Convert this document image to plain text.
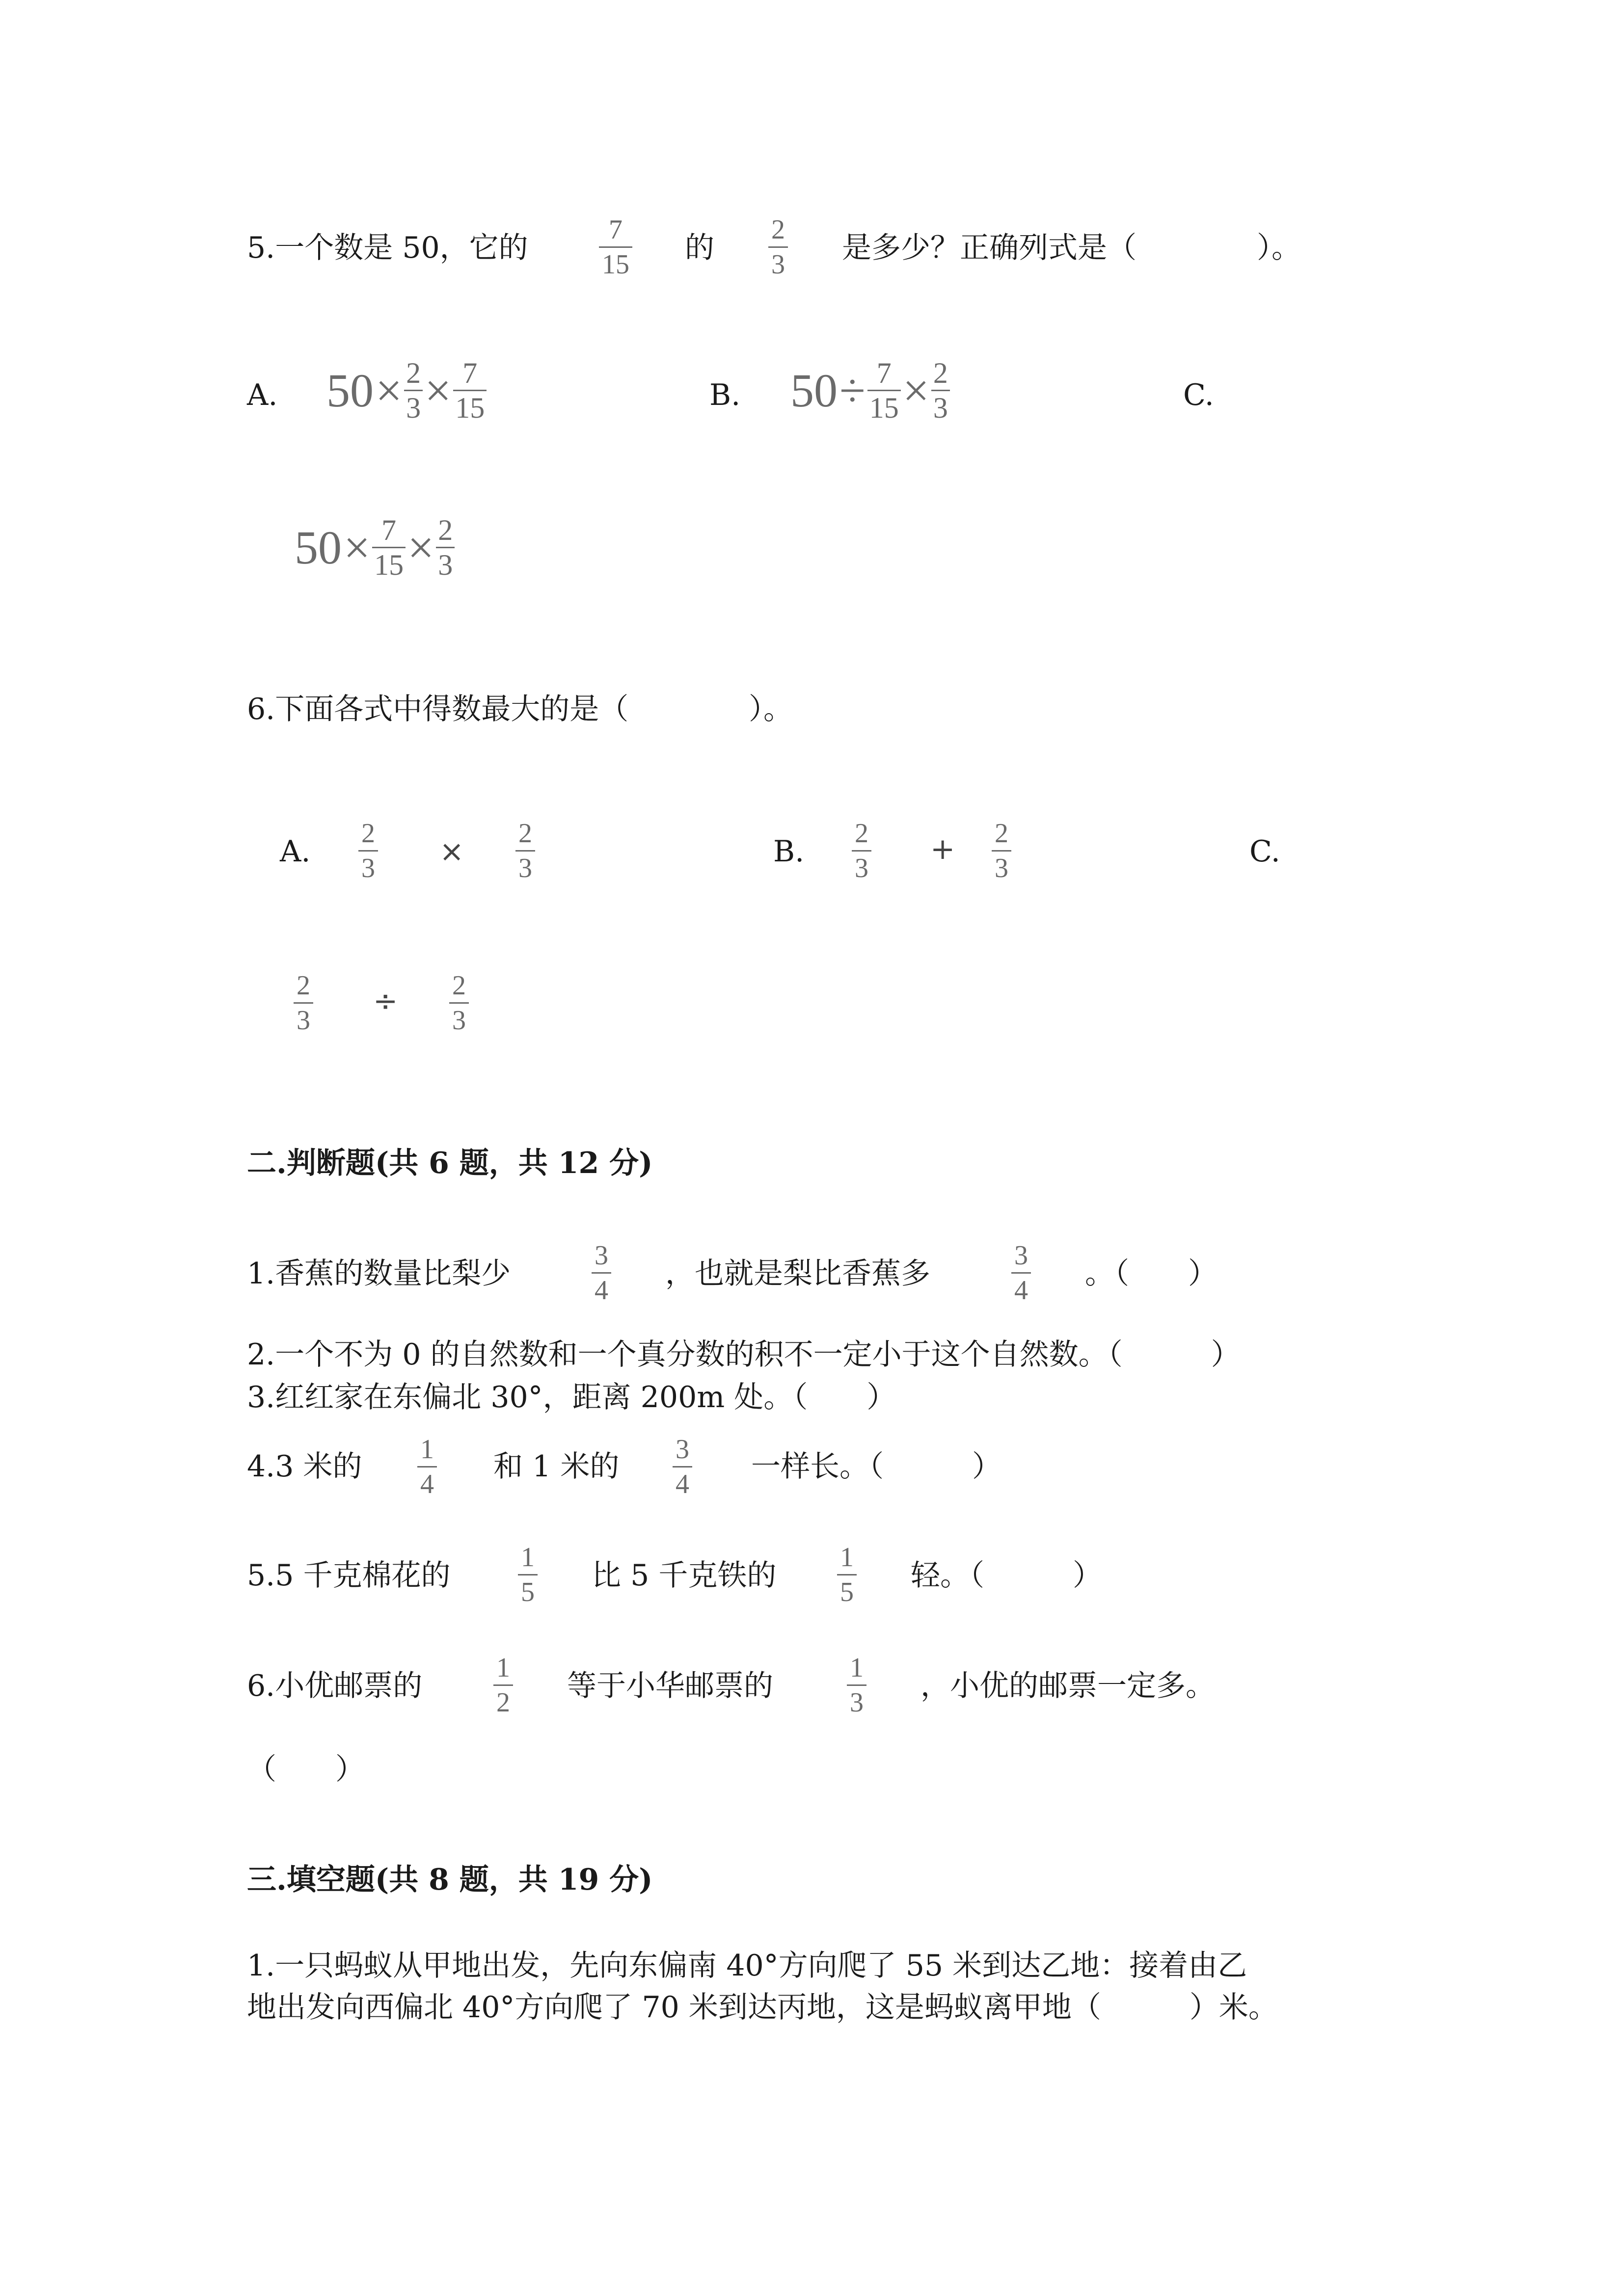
5.一个数是 50，它的
7
15 的
2
3 是多少？正确列式是（	）。
A. $50 \times \frac{2}{3} \times \frac{7}{15}$	B. $50 \div \frac{7}{15} \times \frac{2}{3}$	C.
$50 \times \frac{7}{15} \times \frac{2}{3}$
6.下面各式中得数最大的是（	）。
A.
2
3 ×
2
3	B.
2
3
+ 2
3	C.
2
3
÷ 2
3
二.判断题(共 6 题，共 12 分)
1.香蕉的数量比梨少
3
4 ，也就是梨比香蕉多
3
4 。（　　）
2.一个不为 0 的自然数和一个真分数的积不一定小于这个自然数。（　　　）
3.红红家在东偏北 30°，距离 200m 处。（　　）
4.3 米的 1
4
和 1 米的 3
4
一样长。（　　　）
5.5 千克棉花的
1
5 比 5 千克铁的
1
5 轻。（　　　）
6.小优邮票的
1
2 等于小华邮票的
1
3 ，小优的邮票一定多。
（　　）
三.填空题(共 8 题，共 19 分)
1.一只蚂蚁从甲地出发，先向东偏南 40°方向爬了 55 米到达乙地：接着由乙
地出发向西偏北 40°方向爬了 70 米到达丙地，这是蚂蚁离甲地（　　　）米。
